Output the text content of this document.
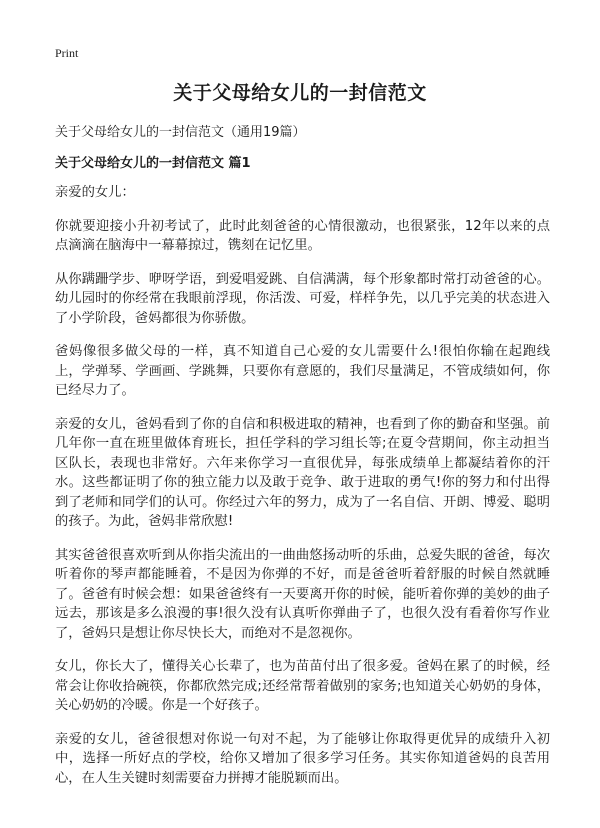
Print
关于父母给女儿的一封信范文

关于父母给女儿的一封信范文（通用19篇）

关于父母给女儿的一封信范文 篇1

亲爱的女儿：

你就要迎接小升初考试了，此时此刻爸爸的心情很激动，也很紧张，12年以来的点点滴滴在脑海中一幕幕掠过，镌刻在记忆里。

从你蹒跚学步、咿呀学语，到爱唱爱跳、自信满满，每个形象都时常打动爸爸的心。幼儿园时的你经常在我眼前浮现，你活泼、可爱，样样争先，以几乎完美的状态进入了小学阶段，爸妈都很为你骄傲。

爸妈像很多做父母的一样，真不知道自己心爱的女儿需要什么!很怕你输在起跑线上，学弹琴、学画画、学跳舞，只要你有意愿的，我们尽量满足，不管成绩如何，你已经尽力了。

亲爱的女儿，爸妈看到了你的自信和积极进取的精神，也看到了你的勤奋和坚强。前几年你一直在班里做体育班长，担任学科的学习组长等;在夏令营期间，你主动担当区队长，表现也非常好。六年来你学习一直很优异，每张成绩单上都凝结着你的汗水。这些都证明了你的独立能力以及敢于竞争、敢于进取的勇气!你的努力和付出得到了老师和同学们的认可。你经过六年的努力，成为了一名自信、开朗、博爱、聪明的孩子。为此，爸妈非常欣慰!

其实爸爸很喜欢听到从你指尖流出的一曲曲悠扬动听的乐曲，总爱失眠的爸爸，每次听着你的琴声都能睡着，不是因为你弹的不好，而是爸爸听着舒服的时候自然就睡了。爸爸有时候会想：如果爸爸终有一天要离开你的时候，能听着你弹的美妙的曲子远去，那该是多么浪漫的事!很久没有认真听你弹曲子了，也很久没有看着你写作业了，爸妈只是想让你尽快长大，而绝对不是忽视你。

女儿，你长大了，懂得关心长辈了，也为苗苗付出了很多爱。爸妈在累了的时候，经常会让你收拾碗筷，你都欣然完成;还经常帮着做别的家务;也知道关心奶奶的身体，关心奶奶的冷暖。你是一个好孩子。

亲爱的女儿，爸爸很想对你说一句对不起，为了能够让你取得更优异的成绩升入初中，选择一所好点的学校，给你又增加了很多学习任务。其实你知道爸妈的良苦用心，在人生关键时刻需要奋力拼搏才能脱颖而出。
